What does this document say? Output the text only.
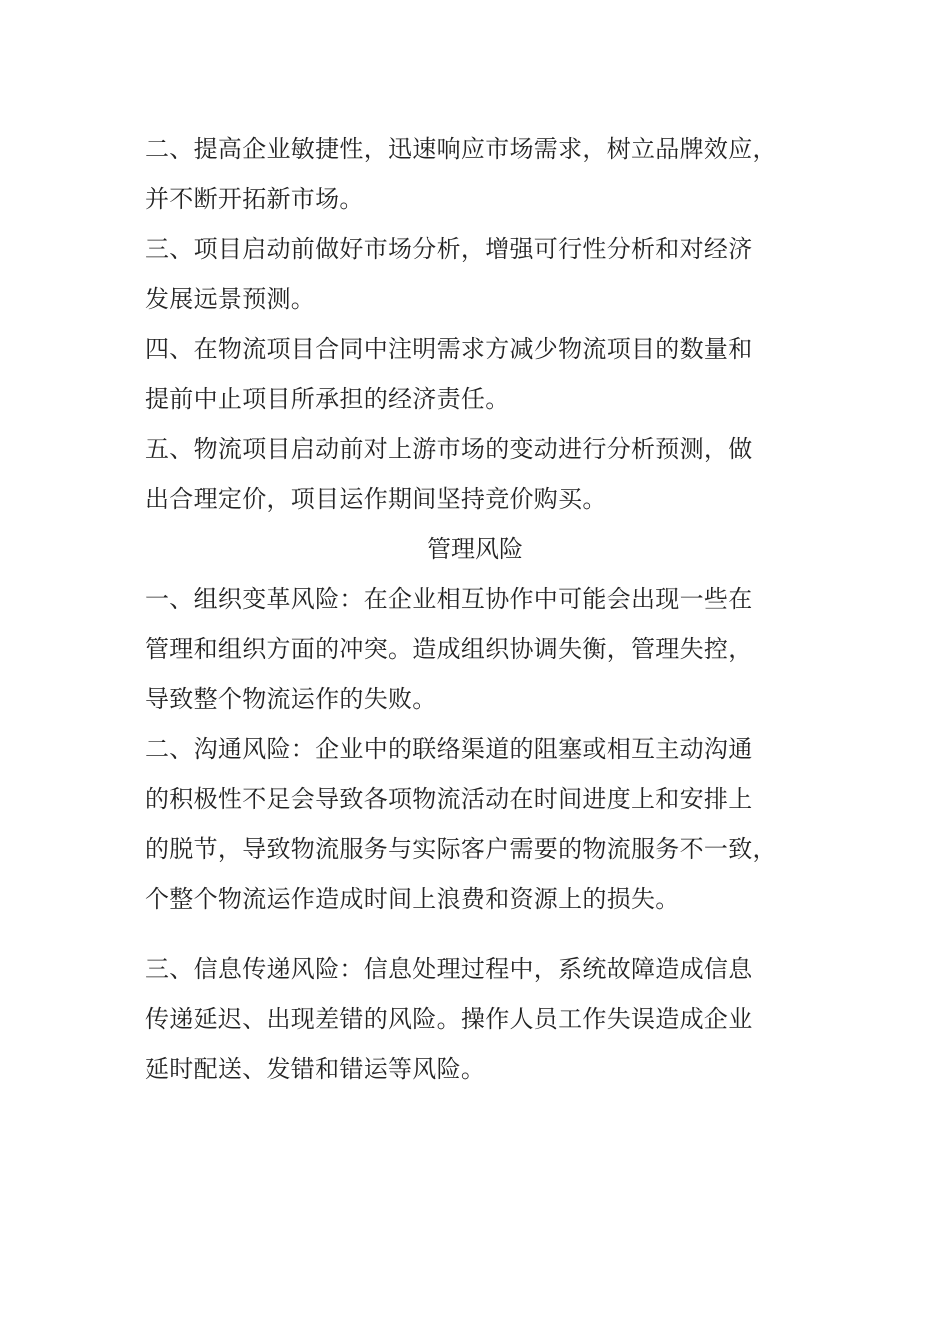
二、提高企业敏捷性，迅速响应市场需求，树立品牌效应，
并不断开拓新市场。
三、项目启动前做好市场分析，增强可行性分析和对经济
发展远景预测。
四、在物流项目合同中注明需求方减少物流项目的数量和
提前中止项目所承担的经济责任。
五、物流项目启动前对上游市场的变动进行分析预测，做
出合理定价，项目运作期间坚持竞价购买。
管理风险
一、组织变革风险：在企业相互协作中可能会出现一些在
管理和组织方面的冲突。造成组织协调失衡，管理失控，
导致整个物流运作的失败。
二、沟通风险：企业中的联络渠道的阻塞或相互主动沟通
的积极性不足会导致各项物流活动在时间进度上和安排上
的脱节，导致物流服务与实际客户需要的物流服务不一致，
个整个物流运作造成时间上浪费和资源上的损失。
三、信息传递风险：信息处理过程中，系统故障造成信息
传递延迟、出现差错的风险。操作人员工作失误造成企业
延时配送、发错和错运等风险。
